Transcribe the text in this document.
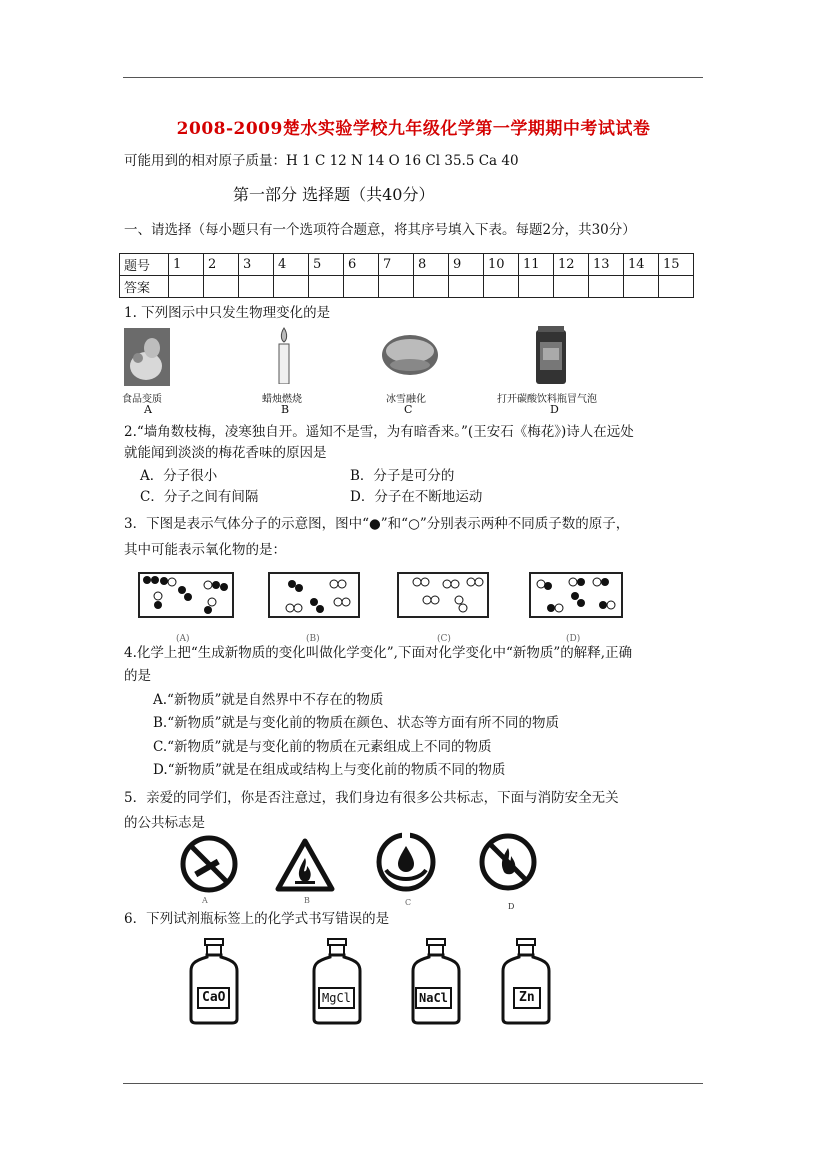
2008-2009楚水实验学校九年级化学第一学期期中考试试卷
可能用到的相对原子质量：H 1 C 12 N 14 O 16 Cl 35.5 Ca 40
第一部分 选择题（共40分）
一、请选择（每小题只有一个选项符合题意，将其序号填入下表。每题2分，共30分）
题号	1	2	3	4	5	6	7	8	9	10	11	12	13	14	15
答案															
1. 下列图示中只发生物理变化的是
食品变质
A
蜡烛燃烧
B
冰雪融化
C
打开碳酸饮料瓶冒气泡
D
2.“墙角数枝梅，凌寒独自开。遥知不是雪，为有暗香来。”(王安石《梅花》)诗人在远处
就能闻到淡淡的梅花香味的原因是
A．分子很小	B．分子是可分的
C．分子之间有间隔	D．分子在不断地运动
3．下图是表示气体分子的示意图，图中“●”和“○”分别表示两种不同质子数的原子，
其中可能表示氧化物的是：
(A)	(B)	(C)	(D)
4.化学上把“生成新物质的变化叫做化学变化”,下面对化学变化中“新物质”的解释,正确
的是
A.“新物质”就是自然界中不存在的物质
B.“新物质”就是与变化前的物质在颜色、状态等方面有所不同的物质
C.“新物质”就是与变化前的物质在元素组成上不同的物质
D.“新物质”就是在组成或结构上与变化前的物质不同的物质
5．亲爱的同学们，你是否注意过，我们身边有很多公共标志，下面与消防安全无关
的公共标志是
A	B	C	D
6．下列试剂瓶标签上的化学式书写错误的是
CaO	MgCl	NaCl	Zn
